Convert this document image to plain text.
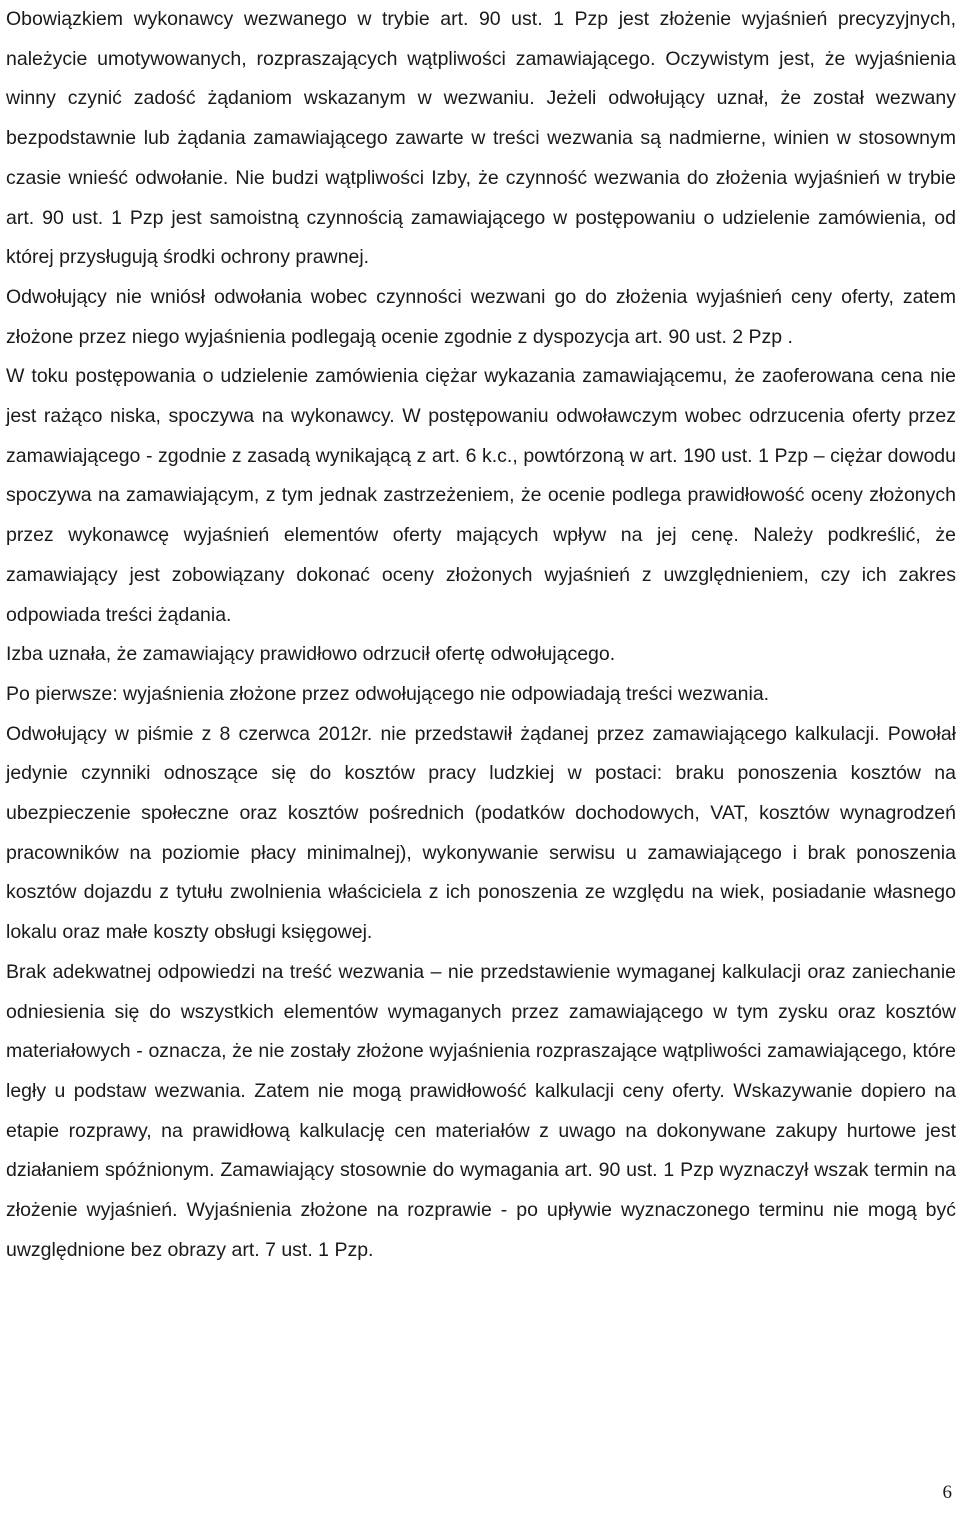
Obowiązkiem wykonawcy wezwanego w trybie art. 90 ust. 1 Pzp jest złożenie wyjaśnień precyzyjnych, należycie umotywowanych, rozpraszających wątpliwości zamawiającego. Oczywistym jest, że wyjaśnienia winny czynić zadość żądaniom wskazanym w wezwaniu. Jeżeli odwołujący uznał, że został wezwany bezpodstawnie lub żądania zamawiającego zawarte w treści wezwania są nadmierne, winien w stosownym czasie wnieść odwołanie. Nie budzi wątpliwości Izby, że czynność wezwania do złożenia wyjaśnień w trybie art. 90 ust. 1 Pzp jest samoistną czynnością zamawiającego w postępowaniu o udzielenie zamówienia, od której przysługują środki ochrony prawnej.

Odwołujący nie wniósł odwołania wobec czynności wezwani go do złożenia wyjaśnień ceny oferty, zatem złożone przez niego wyjaśnienia podlegają ocenie zgodnie z dyspozycja art. 90 ust. 2 Pzp .

W toku postępowania o udzielenie zamówienia ciężar wykazania zamawiającemu, że zaoferowana cena nie jest rażąco niska, spoczywa na wykonawcy. W postępowaniu odwoławczym wobec odrzucenia oferty przez zamawiającego - zgodnie z zasadą wynikającą z art. 6 k.c., powtórzoną w art. 190 ust. 1 Pzp – ciężar dowodu spoczywa na zamawiającym, z tym jednak zastrzeżeniem, że ocenie podlega prawidłowość oceny złożonych przez wykonawcę wyjaśnień elementów oferty mających wpływ na jej cenę. Należy podkreślić, że zamawiający jest zobowiązany dokonać oceny złożonych wyjaśnień z uwzględnieniem, czy ich zakres odpowiada treści żądania.

Izba uznała, że zamawiający prawidłowo odrzucił ofertę odwołującego.

Po pierwsze: wyjaśnienia złożone przez odwołującego nie odpowiadają treści wezwania.

Odwołujący w piśmie z 8 czerwca 2012r. nie przedstawił żądanej przez zamawiającego kalkulacji. Powołał jedynie czynniki odnoszące się do kosztów pracy ludzkiej w postaci: braku ponoszenia kosztów na ubezpieczenie społeczne oraz kosztów pośrednich (podatków dochodowych, VAT, kosztów wynagrodzeń pracowników na poziomie płacy minimalnej), wykonywanie serwisu u zamawiającego i brak ponoszenia kosztów dojazdu z tytułu zwolnienia właściciela z ich ponoszenia ze względu na wiek, posiadanie własnego lokalu oraz małe koszty obsługi księgowej.

Brak adekwatnej odpowiedzi na treść wezwania – nie przedstawienie wymaganej kalkulacji oraz zaniechanie odniesienia się do wszystkich elementów wymaganych przez zamawiającego w tym zysku oraz kosztów materiałowych - oznacza, że nie zostały złożone wyjaśnienia rozpraszające wątpliwości zamawiającego, które legły u podstaw wezwania. Zatem nie mogą prawidłowość kalkulacji ceny oferty. Wskazywanie dopiero na etapie rozprawy, na prawidłową kalkulację cen materiałów z uwago na dokonywane zakupy hurtowe jest działaniem spóźnionym. Zamawiający stosownie do wymagania art. 90 ust. 1 Pzp wyznaczył wszak termin na złożenie wyjaśnień. Wyjaśnienia złożone na rozprawie - po upływie wyznaczonego terminu nie mogą być uwzględnione bez obrazy art. 7 ust. 1 Pzp.

6
